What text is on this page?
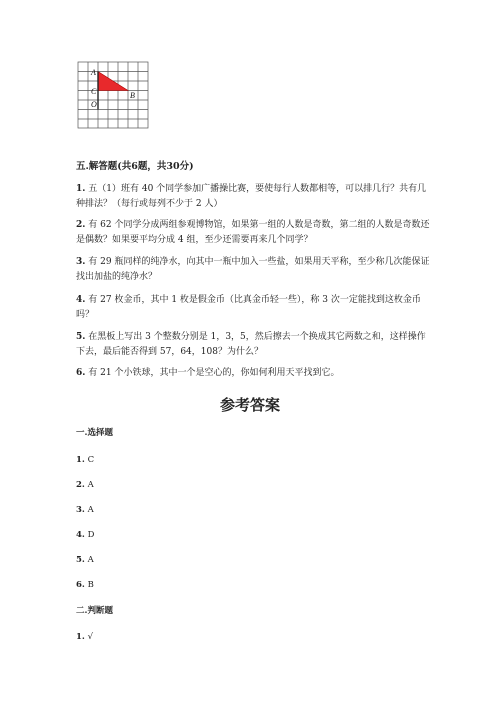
A
C
O
B

五.解答题(共6题，共30分)

1. 五（1）班有 40 个同学参加广播操比赛，要使每行人数都相等，可以排几行？共有几种排法？（每行或每列不少于 2 人）

2. 有 62 个同学分成两组参观博物馆，如果第一组的人数是奇数，第二组的人数是奇数还是偶数？如果要平均分成 4 组，至少还需要再来几个同学？

3. 有 29 瓶同样的纯净水，向其中一瓶中加入一些盐，如果用天平称，至少称几次能保证找出加盐的纯净水？

4. 有 27 枚金币，其中 1 枚是假金币（比真金币轻一些），称 3 次一定能找到这枚金币吗？

5. 在黑板上写出 3 个整数分别是 1，3，5，然后擦去一个换成其它两数之和，这样操作下去，最后能否得到 57，64，108？为什么？

6. 有 21 个小铁球，其中一个是空心的，你如何利用天平找到它。

参考答案

一.选择题

1. C

2. A

3. A

4. D

5. A

6. B

二.判断题

1. √
